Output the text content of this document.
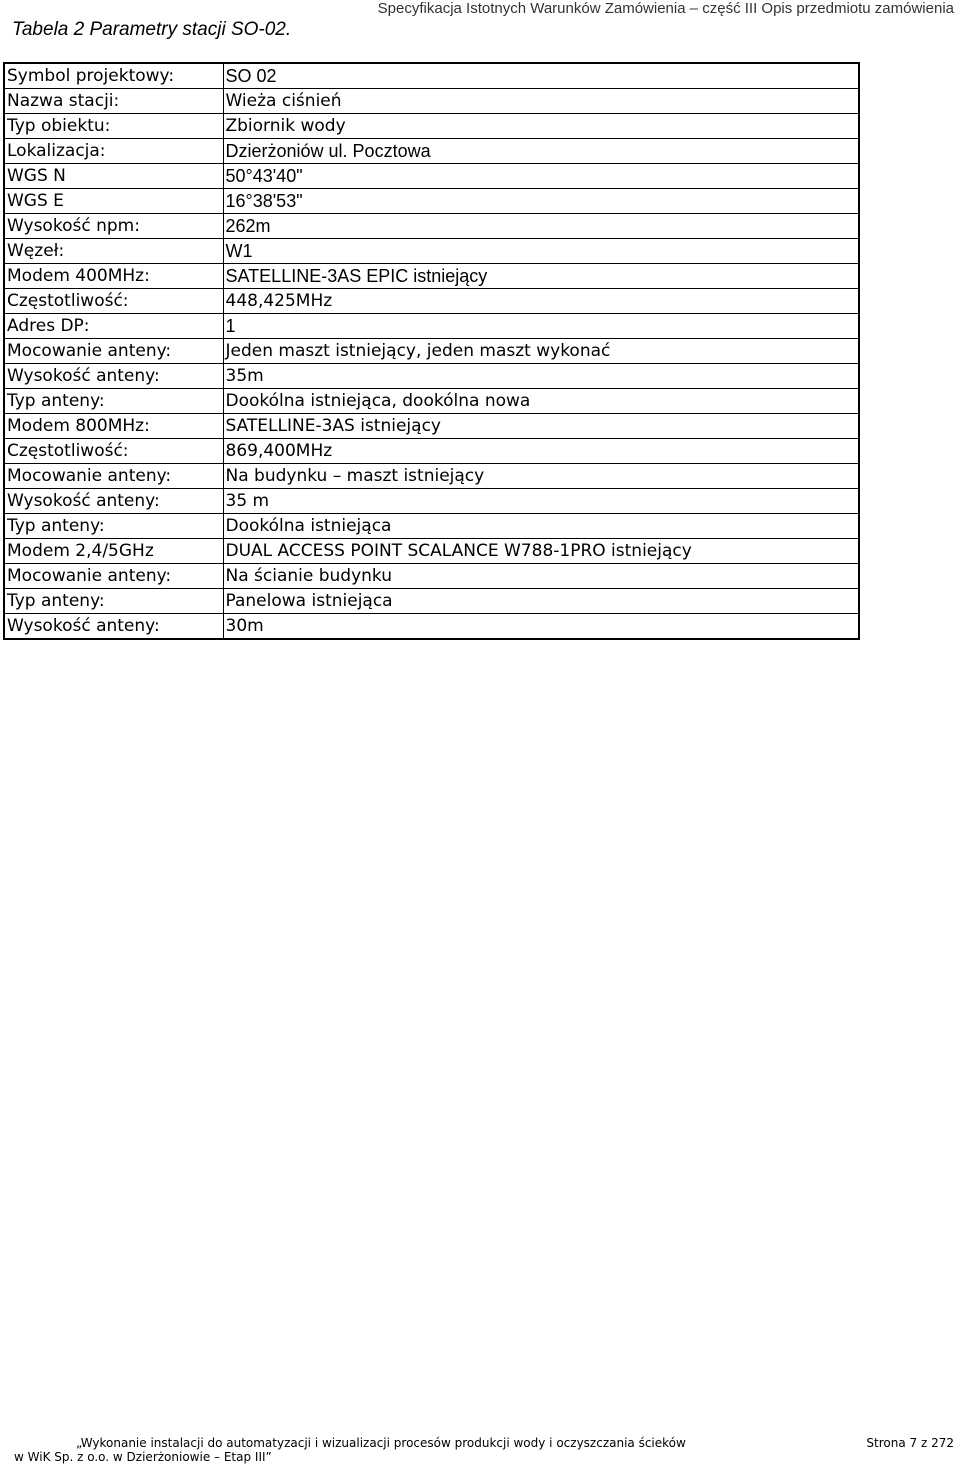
Specyfikacja Istotnych Warunków Zamówienia – część III Opis przedmiotu zamówienia
Tabela 2 Parametry stacji SO-02.
Symbol projektowy:	SO 02
Nazwa stacji:	Wieża ciśnień
Typ obiektu:	Zbiornik wody
Lokalizacja:	Dzierżoniów ul. Pocztowa
WGS N	50°43'40"
WGS E	16°38'53"
Wysokość npm:	262m
Węzeł:	W1
Modem 400MHz:	SATELLINE-3AS EPIC istniejący
Częstotliwość:	448,425MHz
Adres DP:	1
Mocowanie anteny:	Jeden maszt istniejący, jeden maszt wykonać
Wysokość anteny:	35m
Typ anteny:	Dookólna istniejąca, dookólna nowa
Modem 800MHz:	SATELLINE-3AS istniejący
Częstotliwość:	869,400MHz
Mocowanie anteny:	Na budynku – maszt istniejący
Wysokość anteny:	35 m
Typ anteny:	Dookólna istniejąca
Modem 2,4/5GHz	DUAL ACCESS POINT SCALANCE W788-1PRO istniejący
Mocowanie anteny:	Na ścianie budynku
Typ anteny:	Panelowa istniejąca
Wysokość anteny:	30m
„Wykonanie instalacji do automatyzacji i wizualizacji procesów produkcji wody i oczyszczania ścieków
w WiK Sp. z o.o. w Dzierżoniowie – Etap III”
Strona 7 z 272
